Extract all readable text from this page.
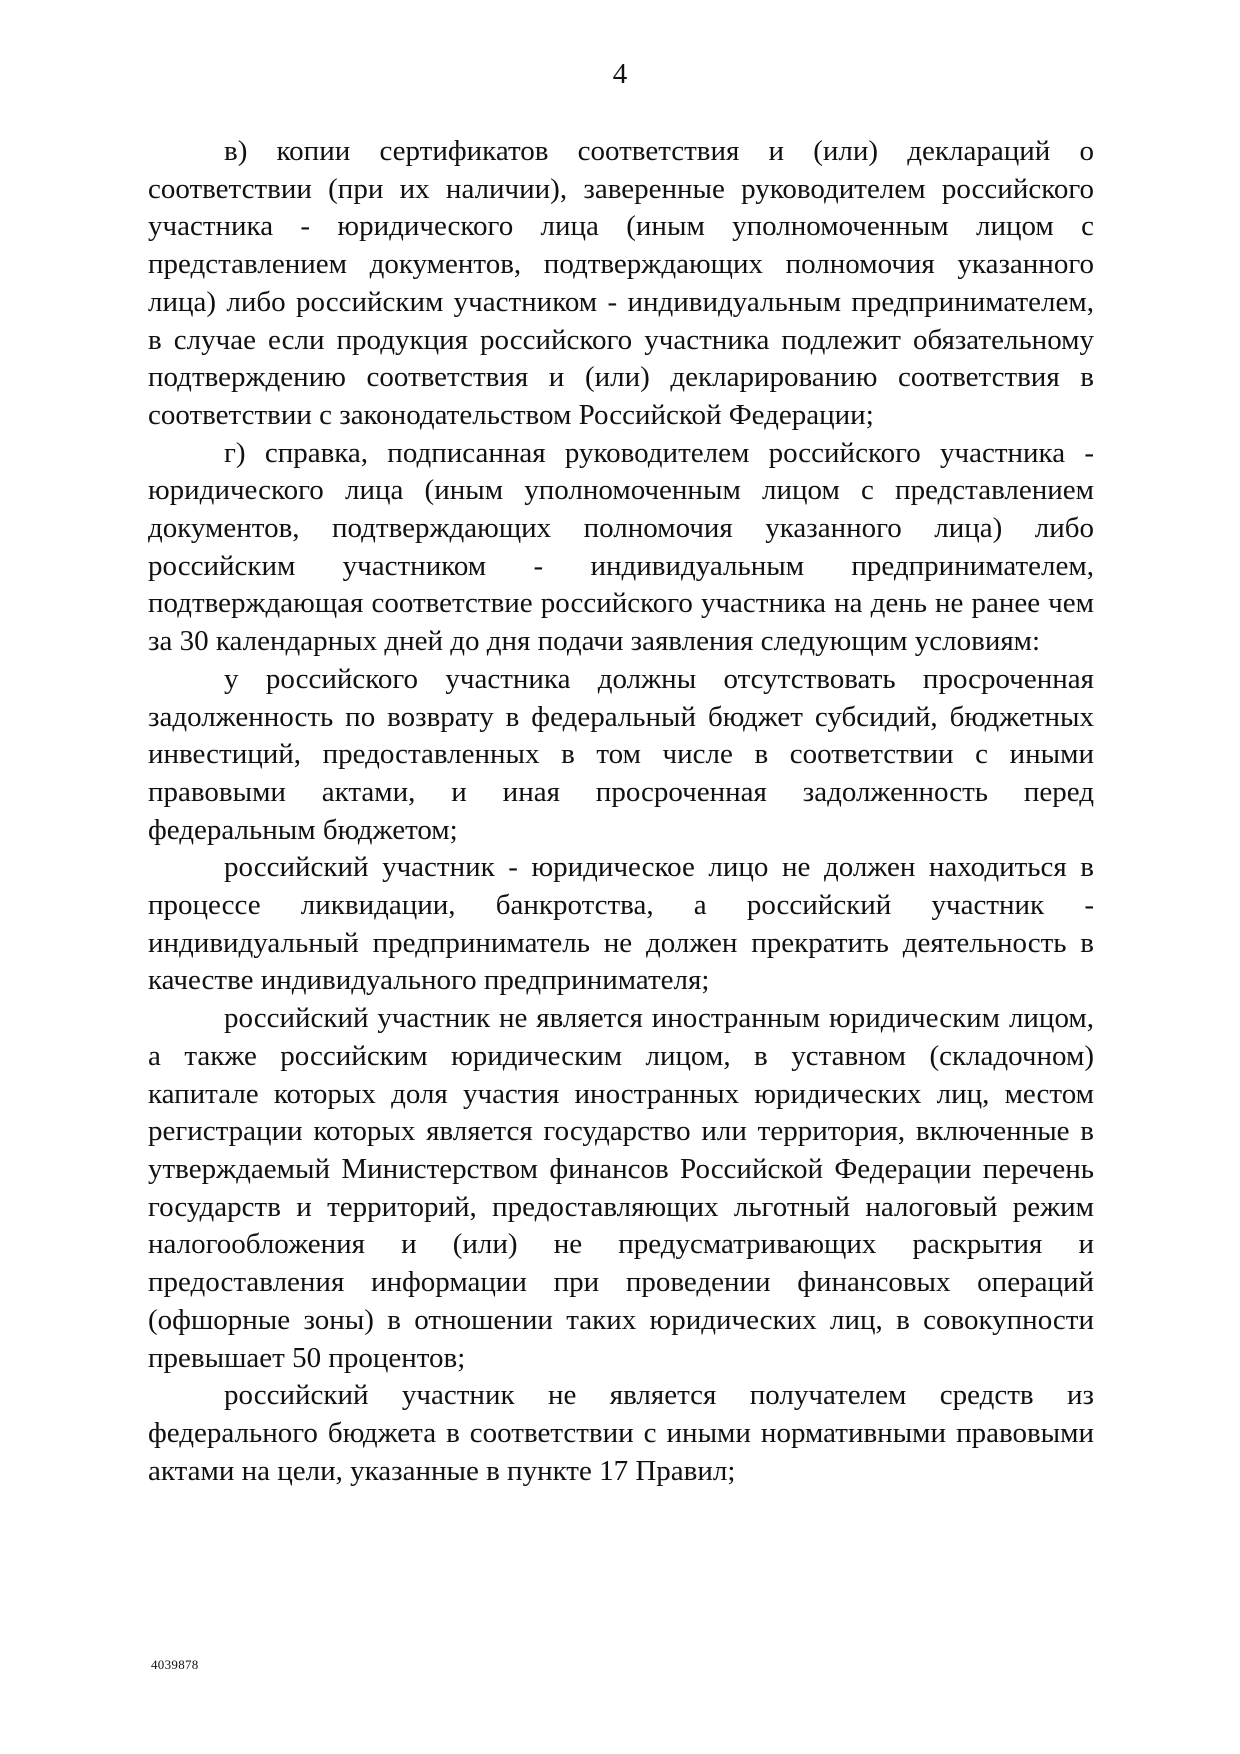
4

в) копии сертификатов соответствия и (или) деклараций о соответствии (при их наличии), заверенные руководителем российского участника - юридического лица (иным уполномоченным лицом с представлением документов, подтверждающих полномочия указанного лица) либо российским участником - индивидуальным предпринимателем, в случае если продукция российского участника подлежит обязательному подтверждению соответствия и (или) декларированию соответствия в соответствии с законодательством Российской Федерации;

г) справка, подписанная руководителем российского участника - юридического лица (иным уполномоченным лицом с представлением документов, подтверждающих полномочия указанного лица) либо российским участником - индивидуальным предпринимателем, подтверждающая соответствие российского участника на день не ранее чем за 30 календарных дней до дня подачи заявления следующим условиям:

у российского участника должны отсутствовать просроченная задолженность по возврату в федеральный бюджет субсидий, бюджетных инвестиций, предоставленных в том числе в соответствии с иными правовыми актами, и иная просроченная задолженность перед федеральным бюджетом;

российский участник - юридическое лицо не должен находиться в процессе ликвидации, банкротства, а российский участник - индивидуальный предприниматель не должен прекратить деятельность в качестве индивидуального предпринимателя;

российский участник не является иностранным юридическим лицом, а также российским юридическим лицом, в уставном (складочном) капитале которых доля участия иностранных юридических лиц, местом регистрации которых является государство или территория, включенные в утверждаемый Министерством финансов Российской Федерации перечень государств и территорий, предоставляющих льготный налоговый режим налогообложения и (или) не предусматривающих раскрытия и предоставления информации при проведении финансовых операций (офшорные зоны) в отношении таких юридических лиц, в совокупности превышает 50 процентов;

российский участник не является получателем средств из федерального бюджета в соответствии с иными нормативными правовыми актами на цели, указанные в пункте 17 Правил;

4039878
